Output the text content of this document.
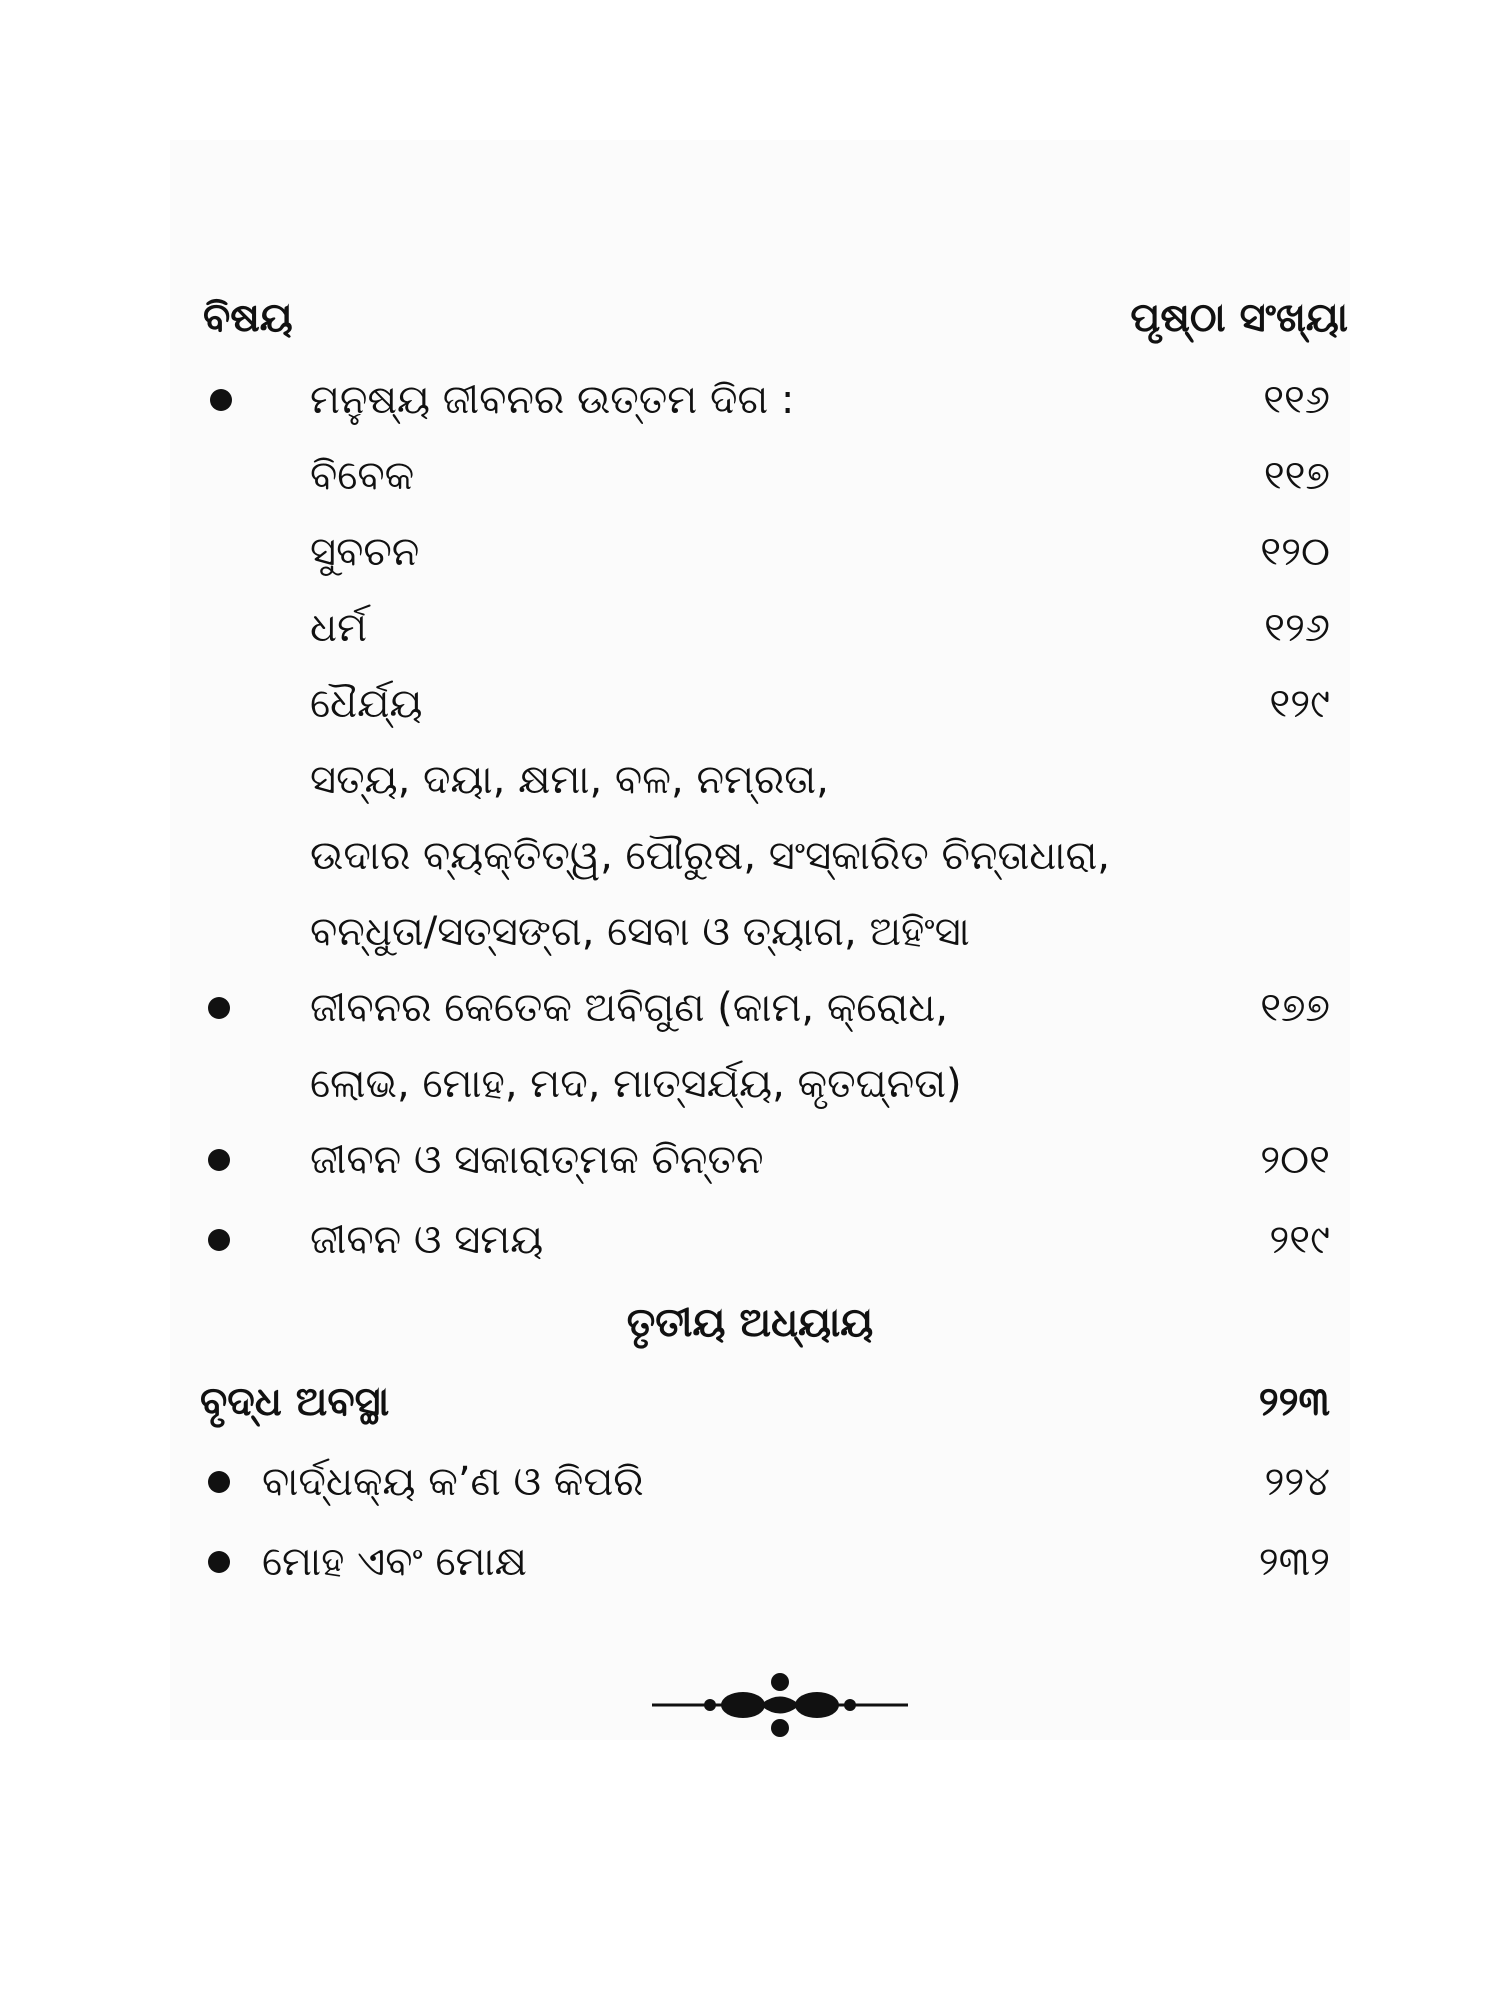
ବିଷୟ	ପୃଷ୍ଠା ସଂଖ୍ୟା
ମନୁଷ୍ୟ ଜୀବନର ଉତ୍ତମ ଦିଗ :	୧୧୬
ବିବେକ	୧୧୭
ସୁବଚନ	୧୨୦
ଧର୍ମ	୧୨୬
ଧୈର୍ଯ୍ୟ	୧୨୯
ସତ୍ୟ, ଦୟା, କ୍ଷମା, ବଳ, ନମ୍ରତା,
ଉଦାର ବ୍ୟକ୍ତିତ୍ୱ, ପୌରୁଷ, ସଂସ୍କାରିତ ଚିନ୍ତାଧାରା,
ବନ୍ଧୁତା/ସତ୍‌ସଙ୍ଗ, ସେବା ଓ ତ୍ୟାଗ, ଅହିଂସା
ଜୀବନର କେତେକ ଅବିଗୁଣ (କାମ, କ୍ରୋଧ,	୧୭୭
ଲୋଭ, ମୋହ, ମଦ, ମାତ୍ସର୍ଯ୍ୟ, କୃତଘ୍ନତା)
ଜୀବନ ଓ ସକାରାତ୍ମକ ଚିନ୍ତନ	୨୦୧
ଜୀବନ ଓ ସମୟ	୨୧୯
ତୃତୀୟ ଅଧ୍ୟାୟ
ବୃଦ୍ଧ ଅବସ୍ଥା	୨୨୩
ବାର୍ଦ୍ଧକ୍ୟ କ’ଣ ଓ କିପରି	୨୨୪
ମୋହ ଏବଂ ମୋକ୍ଷ	୨୩୨
